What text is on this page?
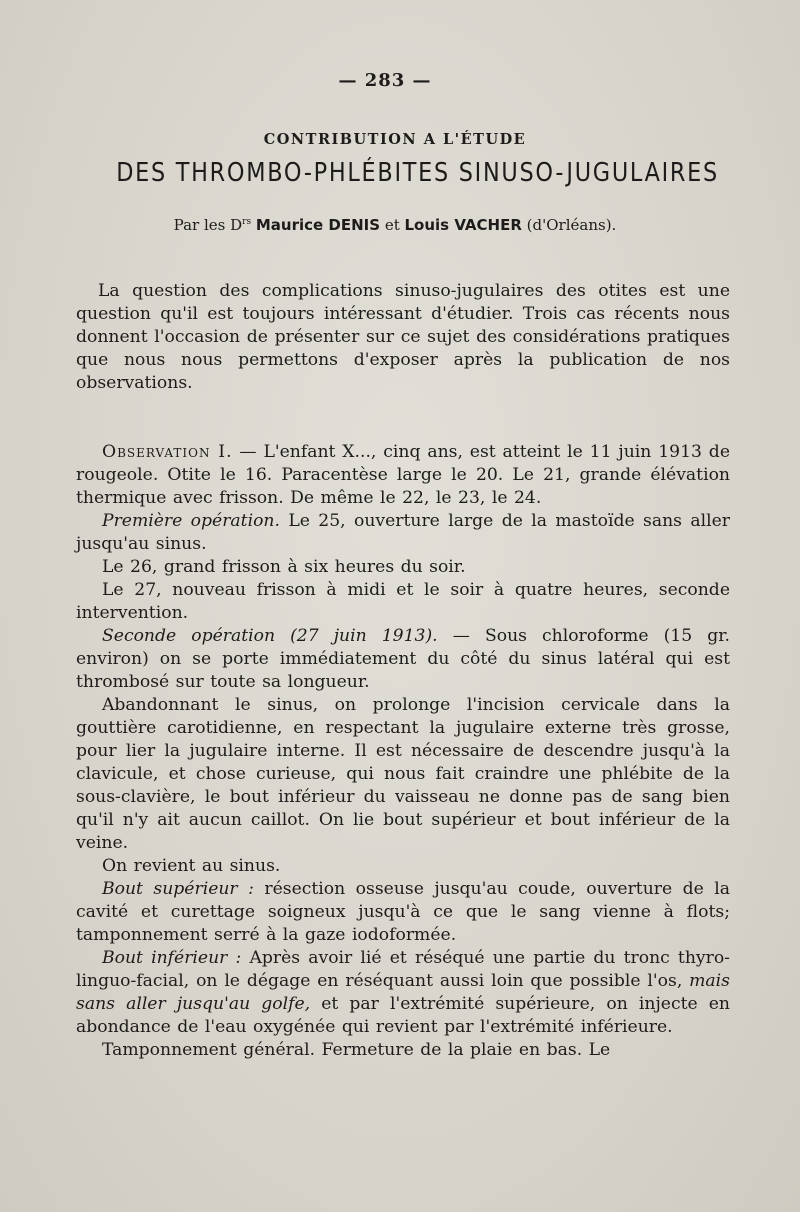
— 283 —
CONTRIBUTION A L'ÉTUDE
DES THROMBO-PHLÉBITES SINUSO-JUGULAIRES
Par les $D^{rs}$ Maurice DENIS et Louis VACHER (d'Orléans).
La question des complications sinuso-jugulaires des otites est une question qu'il est toujours intéressant d'étudier. Trois cas récents nous donnent l'occasion de présenter sur ce sujet des considérations pratiques que nous nous permettons d'exposer après la publication de nos observations.

Observation I. — L'enfant X..., cinq ans, est atteint le 11 juin 1913 de rougeole. Otite le 16. Paracentèse large le 20. Le 21, grande élévation thermique avec frisson. De même le 22, le 23, le 24.

Première opération. Le 25, ouverture large de la mastoïde sans aller jusqu'au sinus.

Le 26, grand frisson à six heures du soir.

Le 27, nouveau frisson à midi et le soir à quatre heures, seconde intervention.

Seconde opération (27 juin 1913). — Sous chloroforme (15 gr. environ) on se porte immédiatement du côté du sinus latéral qui est thrombosé sur toute sa longueur.

Abandonnant le sinus, on prolonge l'incision cervicale dans la gouttière carotidienne, en respectant la jugulaire externe très grosse, pour lier la jugulaire interne. Il est nécessaire de descendre jusqu'à la clavicule, et chose curieuse, qui nous fait craindre une phlébite de la sous-clavière, le bout inférieur du vaisseau ne donne pas de sang bien qu'il n'y ait aucun caillot. On lie bout supérieur et bout inférieur de la veine.

On revient au sinus.

Bout supérieur : résection osseuse jusqu'au coude, ouverture de la cavité et curettage soigneux jusqu'à ce que le sang vienne à flots; tamponnement serré à la gaze iodoformée.

Bout inférieur : Après avoir lié et réséqué une partie du tronc thyro-linguo-facial, on le dégage en réséquant aussi loin que possible l'os, mais sans aller jusqu'au golfe, et par l'extrémité supérieure, on injecte en abondance de l'eau oxygénée qui revient par l'extrémité inférieure.

Tamponnement général. Fermeture de la plaie en bas. Le
